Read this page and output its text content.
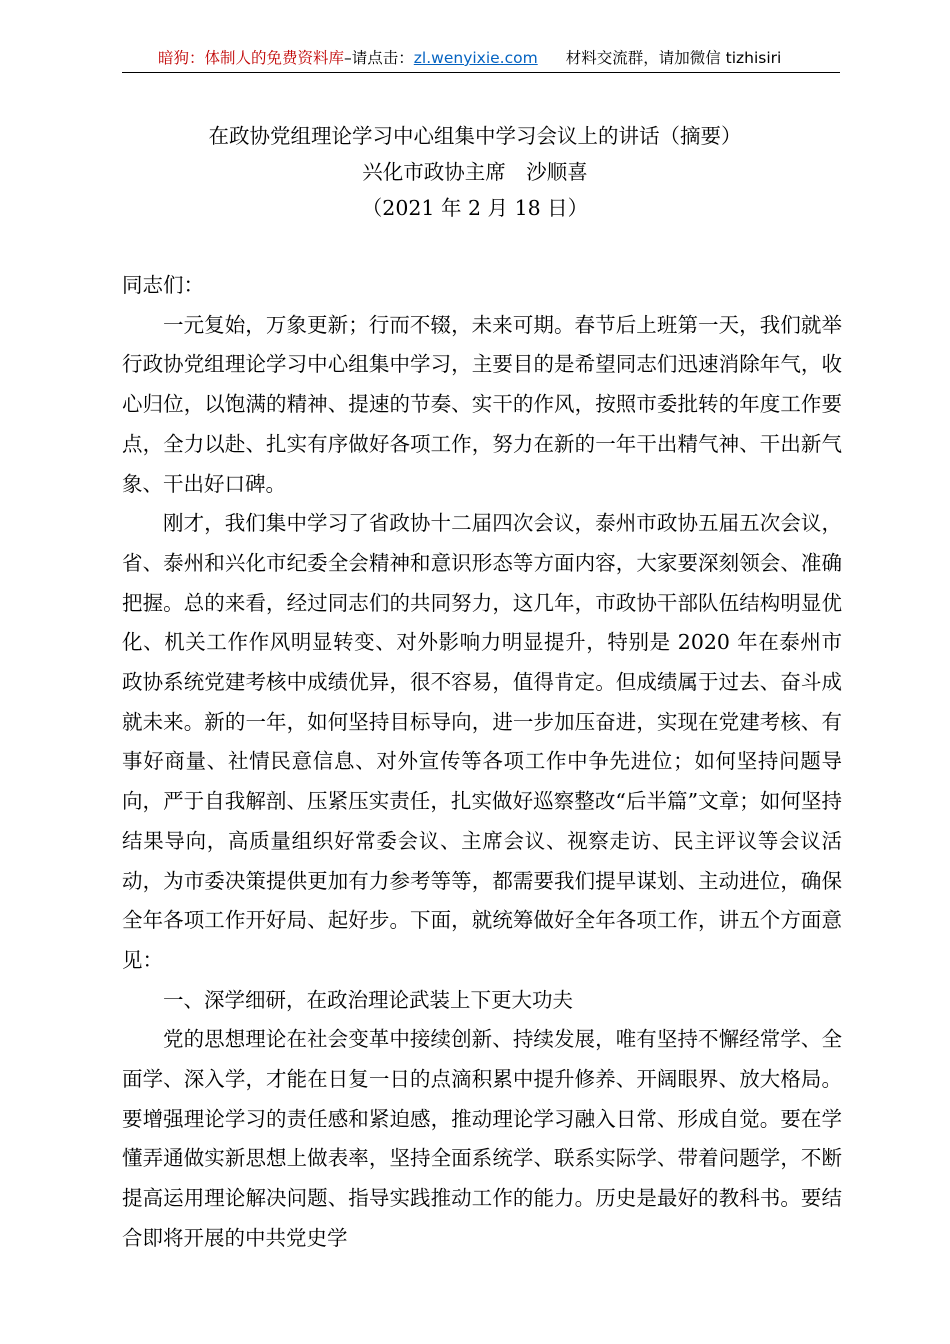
暗狗：体制人的免费资料库–请点击：zl.wenyixie.com 材料交流群，请加微信 tizhisiri
在政协党组理论学习中心组集中学习会议上的讲话（摘要）
兴化市政协主席　沙顺喜
（2021 年 2 月 18 日）

同志们：

一元复始，万象更新；行而不辍，未来可期。春节后上班第一天，我们就举行政协党组理论学习中心组集中学习，主要目的是希望同志们迅速消除年气，收心归位，以饱满的精神、提速的节奏、实干的作风，按照市委批转的年度工作要点，全力以赴、扎实有序做好各项工作，努力在新的一年干出精气神、干出新气象、干出好口碑。

刚才，我们集中学习了省政协十二届四次会议，泰州市政协五届五次会议，省、泰州和兴化市纪委全会精神和意识形态等方面内容，大家要深刻领会、准确把握。总的来看，经过同志们的共同努力，这几年，市政协干部队伍结构明显优化、机关工作作风明显转变、对外影响力明显提升，特别是 2020 年在泰州市政协系统党建考核中成绩优异，很不容易，值得肯定。但成绩属于过去、奋斗成就未来。新的一年，如何坚持目标导向，进一步加压奋进，实现在党建考核、有事好商量、社情民意信息、对外宣传等各项工作中争先进位；如何坚持问题导向，严于自我解剖、压紧压实责任，扎实做好巡察整改“后半篇”文章；如何坚持结果导向，高质量组织好常委会议、主席会议、视察走访、民主评议等会议活动，为市委决策提供更加有力参考等等，都需要我们提早谋划、主动进位，确保全年各项工作开好局、起好步。下面，就统筹做好全年各项工作，讲五个方面意见：

一、深学细研，在政治理论武装上下更大功夫

党的思想理论在社会变革中接续创新、持续发展，唯有坚持不懈经常学、全面学、深入学，才能在日复一日的点滴积累中提升修养、开阔眼界、放大格局。要增强理论学习的责任感和紧迫感，推动理论学习融入日常、形成自觉。要在学懂弄通做实新思想上做表率，坚持全面系统学、联系实际学、带着问题学，不断提高运用理论解决问题、指导实践推动工作的能力。历史是最好的教科书。要结合即将开展的中共党史学
